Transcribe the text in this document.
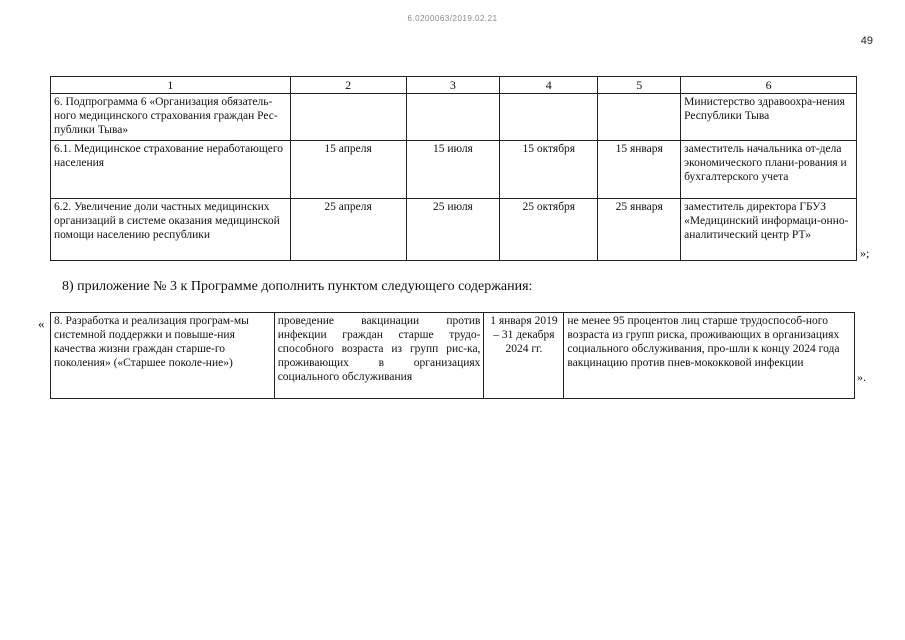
6.0200063/2019.02.21
49
1	2	3	4	5	6
6. Подпрограмма 6 «Организация обязатель-ного медицинского страхования граждан Рес-публики Тыва»					Министерство здравоохра-нения Республики Тыва
6.1. Медицинское страхование неработающего населения	15 апреля	15 июля	15 октября	15 января	заместитель начальника от-дела экономического плани-рования и бухгалтерского учета
6.2. Увеличение доли частных медицинских организаций в системе оказания медицинской помощи населению республики	25 апреля	25 июля	25 октября	25 января	заместитель директора ГБУЗ «Медицинский информаци-онно-аналитический центр РТ»
»;
8) приложение № 3 к Программе дополнить пунктом следующего содержания:
« 8. Разработка и реализация програм-мы системной поддержки и повыше-ния качества жизни граждан старше-го поколения» («Старшее поколе-ние»)	проведение вакцинации против инфекции граждан старше трудо-способного возраста из групп рис-ка, проживающих в организациях социального обслуживания	1 января 2019 – 31 декабря 2024 гг.	не менее 95 процентов лиц старше трудоспособ-ного возраста из групп риска, проживающих в организациях социального обслуживания, про-шли к концу 2024 года вакцинацию против пнев-мококковой инфекции
».
